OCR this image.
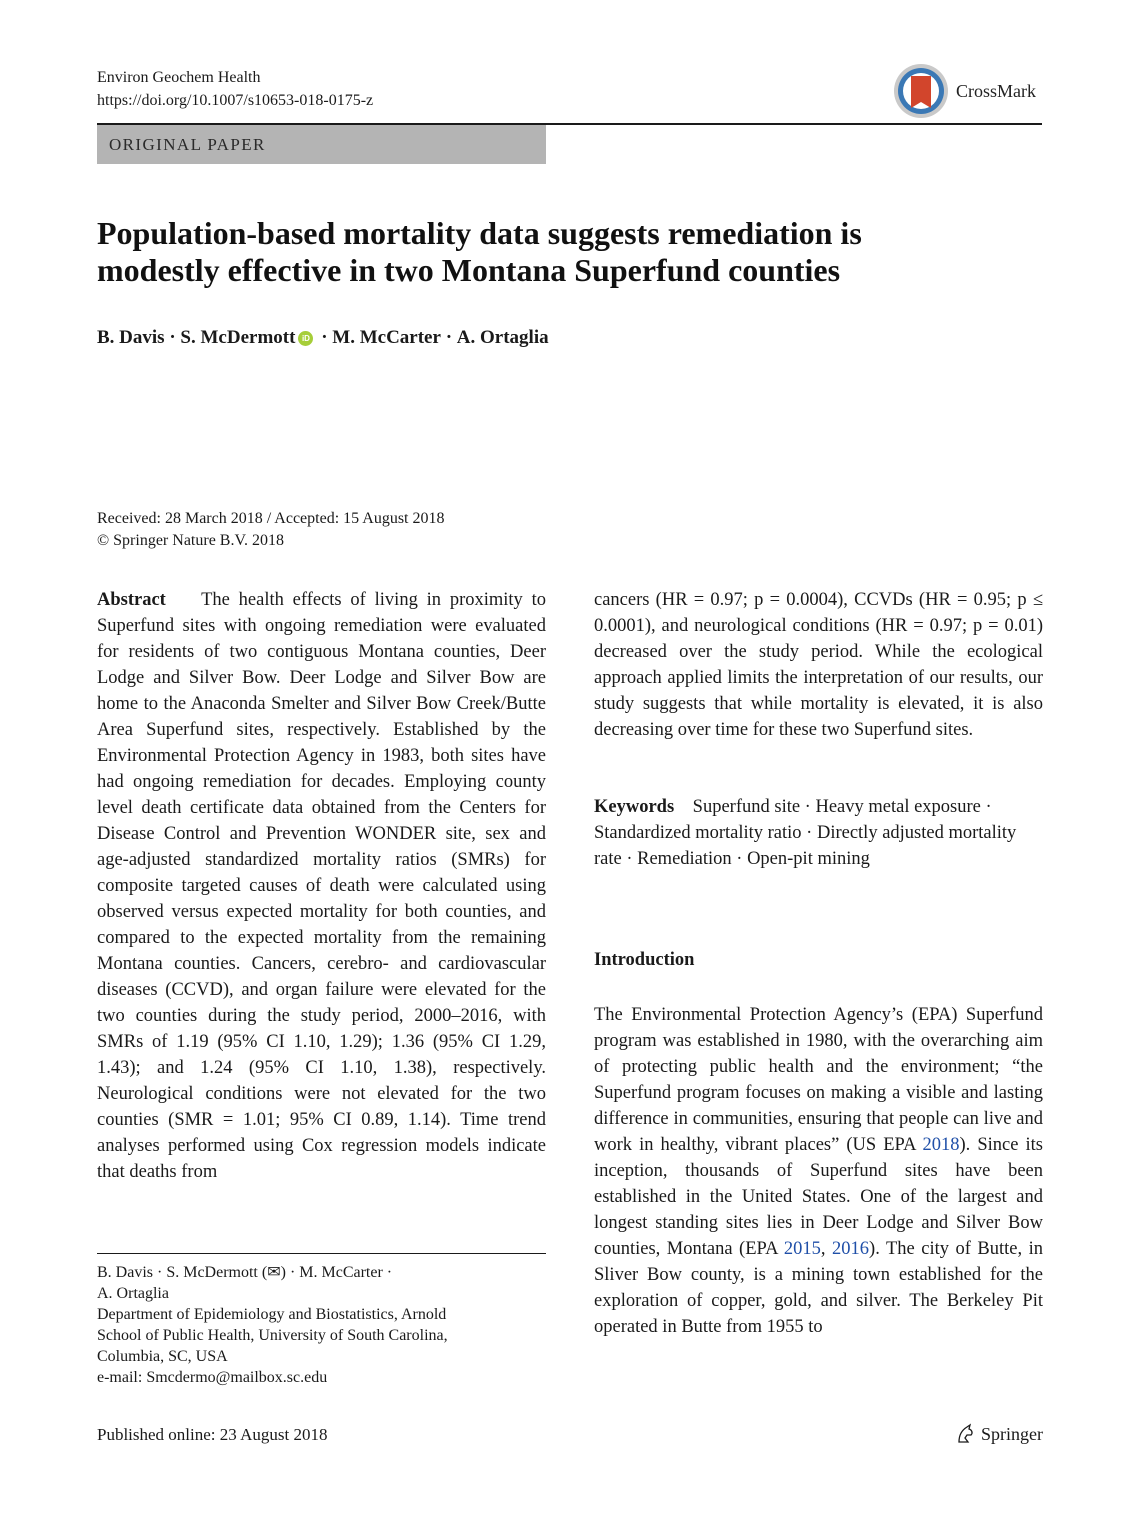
Environ Geochem Health
https://doi.org/10.1007/s10653-018-0175-z	CrossMark
ORIGINAL PAPER
Population-based mortality data suggests remediation is
modestly effective in two Montana Superfund counties
B. Davis · S. McDermott iD · M. McCarter · A. Ortaglia
Received: 28 March 2018 / Accepted: 15 August 2018
© Springer Nature B.V. 2018

Abstract The health effects of living in proximity to Superfund sites with ongoing remediation were evaluated for residents of two contiguous Montana counties, Deer Lodge and Silver Bow. Deer Lodge and Silver Bow are home to the Anaconda Smelter and Silver Bow Creek/Butte Area Superfund sites, respectively. Established by the Environmental Protection Agency in 1983, both sites have had ongoing remediation for decades. Employing county level death certificate data obtained from the Centers for Disease Control and Prevention WONDER site, sex and age-adjusted standardized mortality ratios (SMRs) for composite targeted causes of death were calculated using observed versus expected mortality for both counties, and compared to the expected mortality from the remaining Montana counties. Cancers, cerebro- and cardiovascular diseases (CCVD), and organ failure were elevated for the two counties during the study period, 2000–2016, with SMRs of 1.19 (95% CI 1.10, 1.29); 1.36 (95% CI 1.29, 1.43); and 1.24 (95% CI 1.10, 1.38), respectively. Neurological conditions were not elevated for the two counties (SMR = 1.01; 95% CI 0.89, 1.14). Time trend analyses performed using Cox regression models indicate that deaths from

cancers (HR = 0.97; p = 0.0004), CCVDs (HR = 0.95; p ≤ 0.0001), and neurological conditions (HR = 0.97; p = 0.01) decreased over the study period. While the ecological approach applied limits the interpretation of our results, our study suggests that while mortality is elevated, it is also decreasing over time for these two Superfund sites.

Keywords Superfund site · Heavy metal exposure · Standardized mortality ratio · Directly adjusted mortality rate · Remediation · Open-pit mining

Introduction

The Environmental Protection Agency’s (EPA) Superfund program was established in 1980, with the overarching aim of protecting public health and the environment; “the Superfund program focuses on making a visible and lasting difference in communities, ensuring that people can live and work in healthy, vibrant places” (US EPA 2018). Since its inception, thousands of Superfund sites have been established in the United States. One of the largest and longest standing sites lies in Deer Lodge and Silver Bow counties, Montana (EPA 2015, 2016). The city of Butte, in Sliver Bow county, is a mining town established for the exploration of copper, gold, and silver. The Berkeley Pit operated in Butte from 1955 to

B. Davis · S. McDermott (✉) · M. McCarter ·
A. Ortaglia
Department of Epidemiology and Biostatistics, Arnold
School of Public Health, University of South Carolina,
Columbia, SC, USA
e-mail: Smcdermo@mailbox.sc.edu
Published online: 23 August 2018	Springer
